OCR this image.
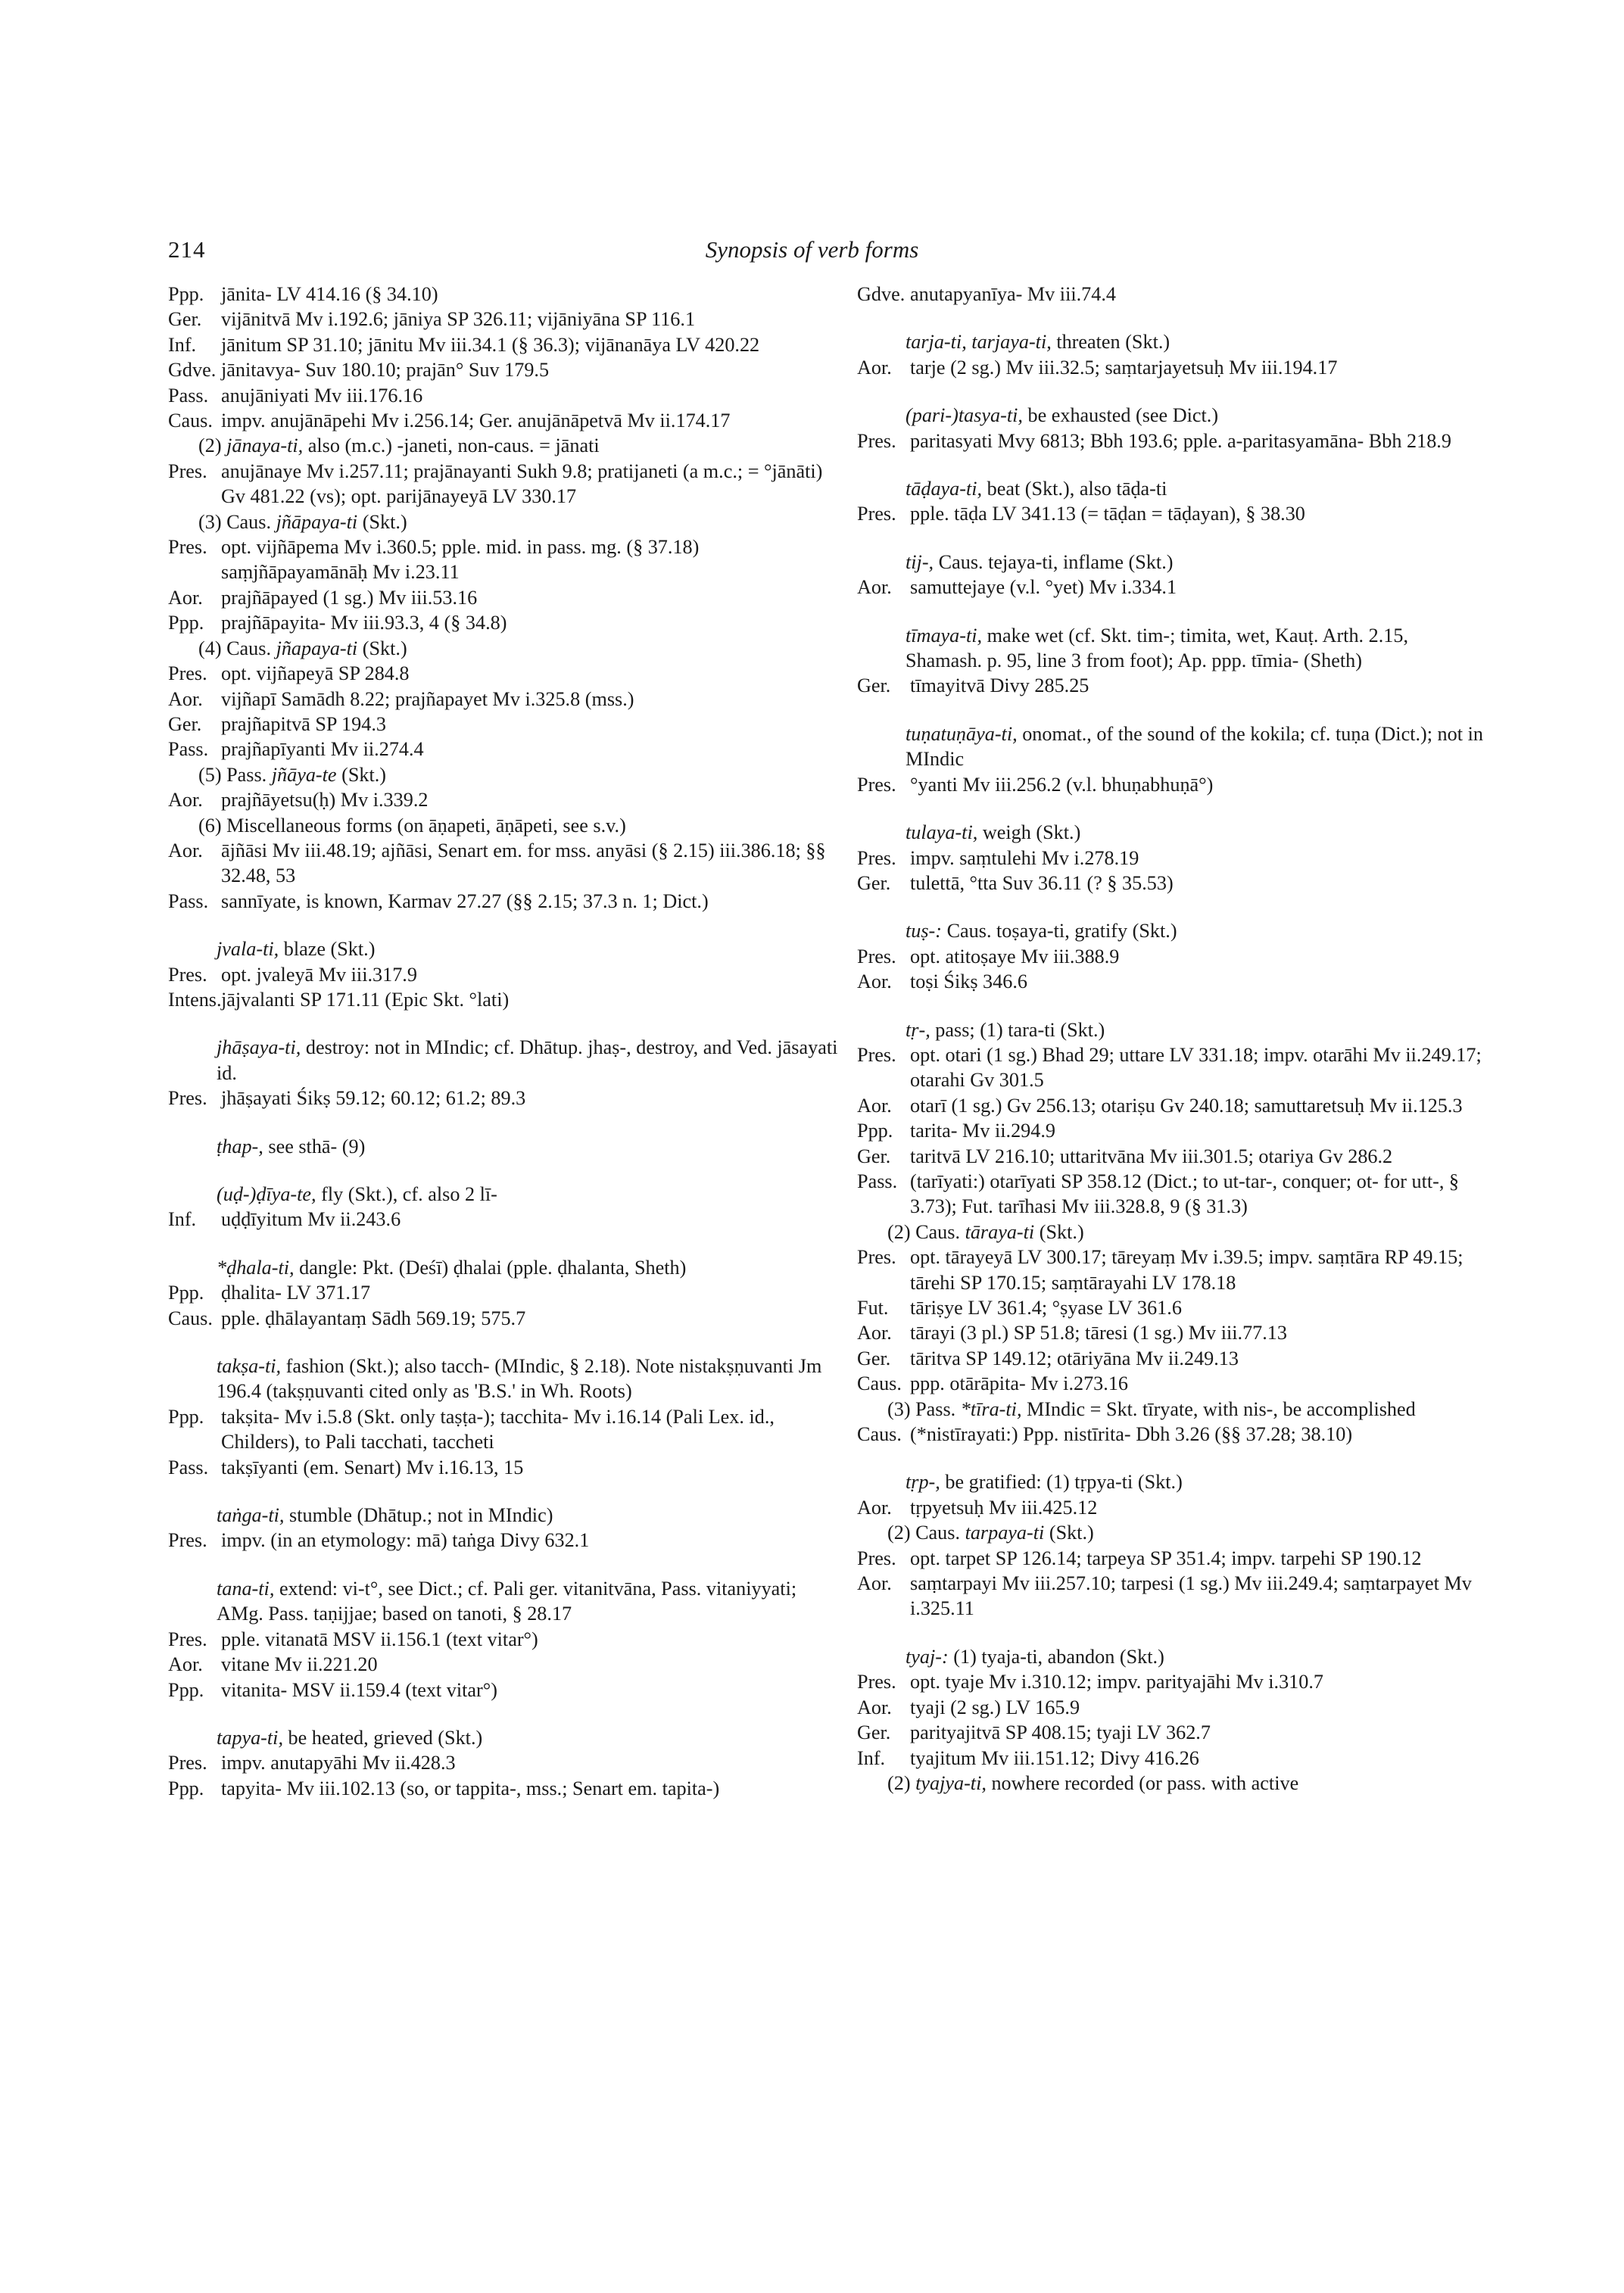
214	Synopsis of verb forms
Ppp. jānita- LV 414.16 (§ 34.10)
Ger. vijānitvā Mv i.192.6; jāniya SP 326.11; vijāniyāna SP 116.1
Inf.	jānitum SP 31.10; jānitu Mv iii.34.1 (§ 36.3); vijānanāya LV 420.22
Gdve. jānitavya- Suv 180.10; prajān° Suv 179.5
Pass. anujāniyati Mv iii.176.16
Caus. impv. anujānāpehi Mv i.256.14; Ger. anujānāpetvā Mv ii.174.17
(2) jānaya-ti, also (m.c.) -janeti, non-caus. = jānati
Pres. anujānaye Mv i.257.11; prajānayanti Sukh 9.8; pratijaneti (a m.c.; = °jānāti) Gv 481.22 (vs); opt. parijānayeyā LV 330.17
(3) Caus. jñāpaya-ti (Skt.)
Pres. opt. vijñāpema Mv i.360.5; pple. mid. in pass. mg. (§ 37.18) saṃjñāpayamānāḥ Mv i.23.11
Aor. prajñāpayed (1 sg.) Mv iii.53.16
Ppp. prajñāpayita- Mv iii.93.3, 4 (§ 34.8)
(4) Caus. jñapaya-ti (Skt.)
Pres. opt. vijñapeyā SP 284.8
Aor. vijñapī Samādh 8.22; prajñapayet Mv i.325.8 (mss.)
Ger. prajñapitvā SP 194.3
Pass. prajñapīyanti Mv ii.274.4
(5) Pass. jñāya-te (Skt.)
Aor. prajñāyetsu(ḥ) Mv i.339.2
(6) Miscellaneous forms (on āṇapeti, āṇāpeti, see s.v.)
Aor. ājñāsi Mv iii.48.19; ajñāsi, Senart em. for mss. anyāsi (§ 2.15) iii.386.18; §§ 32.48, 53
Pass. sannīyate, is known, Karmav 27.27 (§§ 2.15; 37.3 n. 1; Dict.)
jvala-ti, blaze (Skt.)
Pres. opt. jvaleyā Mv iii.317.9
Intens. jājvalanti SP 171.11 (Epic Skt. °lati)
jhāṣaya-ti, destroy: not in MIndic; cf. Dhātup. jhaṣ-, destroy, and Ved. jāsayati id.
Pres. jhāṣayati Śikṣ 59.12; 60.12; 61.2; 89.3
ṭhap-, see sthā- (9)
(uḍ-)ḍīya-te, fly (Skt.), cf. also 2 lī-
Inf.	uḍḍīyitum Mv ii.243.6
*ḍhala-ti, dangle: Pkt. (Deśī) ḍhalai (pple. ḍhalanta, Sheth)
Ppp. ḍhalita- LV 371.17
Caus. pple. ḍhālayantaṃ Sādh 569.19; 575.7
takṣa-ti, fashion (Skt.); also tacch- (MIndic, § 2.18). Note nistakṣṇuvanti Jm 196.4 (takṣṇuvanti cited only as 'B.S.' in Wh. Roots)
Ppp. takṣita- Mv i.5.8 (Skt. only taṣṭa-); tacchita- Mv i.16.14 (Pali Lex. id., Childers), to Pali tacchati, taccheti
Pass. takṣīyanti (em. Senart) Mv i.16.13, 15
taṅga-ti, stumble (Dhātup.; not in MIndic)
Pres. impv. (in an etymology: mā) taṅga Divy 632.1
tana-ti, extend: vi-t°, see Dict.; cf. Pali ger. vitanitvāna, Pass. vitaniyyati; AMg. Pass. taṇijjae; based on tanoti, § 28.17
Pres. pple. vitanatā MSV ii.156.1 (text vitar°)
Aor. vitane Mv ii.221.20
Ppp. vitanita- MSV ii.159.4 (text vitar°)
tapya-ti, be heated, grieved (Skt.)
Pres. impv. anutapyāhi Mv ii.428.3
Ppp. tapyita- Mv iii.102.13 (so, or tappita-, mss.; Senart em. tapita-)
Gdve. anutapyanīya- Mv iii.74.4
tarja-ti, tarjaya-ti, threaten (Skt.)
Aor. tarje (2 sg.) Mv iii.32.5; saṃtarjayetsuḥ Mv iii.194.17
(pari-)tasya-ti, be exhausted (see Dict.)
Pres. paritasyati Mvy 6813; Bbh 193.6; pple. a-paritasyamāna- Bbh 218.9
tāḍaya-ti, beat (Skt.), also tāḍa-ti
Pres. pple. tāḍa LV 341.13 (= tāḍan = tāḍayan), § 38.30
tij-, Caus. tejaya-ti, inflame (Skt.)
Aor. samuttejaye (v.l. °yet) Mv i.334.1
tīmaya-ti, make wet (cf. Skt. tim-; timita, wet, Kauṭ. Arth. 2.15, Shamash. p. 95, line 3 from foot); Ap. ppp. tīmia- (Sheth)
Ger. tīmayitvā Divy 285.25
tuṇatuṇāya-ti, onomat., of the sound of the kokila; cf. tuṇa (Dict.); not in MIndic
Pres. °yanti Mv iii.256.2 (v.l. bhuṇabhuṇā°)
tulaya-ti, weigh (Skt.)
Pres. impv. saṃtulehi Mv i.278.19
Ger. tulettā, °tta Suv 36.11 (? § 35.53)
tuṣ-: Caus. toṣaya-ti, gratify (Skt.)
Pres. opt. atitoṣaye Mv iii.388.9
Aor. toṣi Śikṣ 346.6
tṛ-, pass; (1) tara-ti (Skt.)
Pres. opt. otari (1 sg.) Bhad 29; uttare LV 331.18; impv. otarāhi Mv ii.249.17; otarahi Gv 301.5
Aor. otarī (1 sg.) Gv 256.13; otariṣu Gv 240.18; samuttaretsuḥ Mv ii.125.3
Ppp. tarita- Mv ii.294.9
Ger. taritvā LV 216.10; uttaritvāna Mv iii.301.5; otariya Gv 286.2
Pass. (tarīyati:) otarīyati SP 358.12 (Dict.; to ut-tar-, conquer; ot- for utt-, § 3.73); Fut. tarīhasi Mv iii.328.8, 9 (§ 31.3)
(2) Caus. tāraya-ti (Skt.)
Pres. opt. tārayeyā LV 300.17; tāreyaṃ Mv i.39.5; impv. saṃtāra RP 49.15; tārehi SP 170.15; saṃtārayahi LV 178.18
Fut.	tāriṣye LV 361.4; °ṣyase LV 361.6
Aor. tārayi (3 pl.) SP 51.8; tāresi (1 sg.) Mv iii.77.13
Ger. tāritva SP 149.12; otāriyāna Mv ii.249.13
Caus. ppp. otārāpita- Mv i.273.16
(3) Pass. *tīra-ti, MIndic = Skt. tīryate, with nis-, be accomplished
Caus. (*nistīrayati:) Ppp. nistīrita- Dbh 3.26 (§§ 37.28; 38.10)
tṛp-, be gratified: (1) tṛpya-ti (Skt.)
Aor. tṛpyetsuḥ Mv iii.425.12
(2) Caus. tarpaya-ti (Skt.)
Pres. opt. tarpet SP 126.14; tarpeya SP 351.4; impv. tarpehi SP 190.12
Aor. saṃtarpayi Mv iii.257.10; tarpesi (1 sg.) Mv iii.249.4; saṃtarpayet Mv i.325.11
tyaj-: (1) tyaja-ti, abandon (Skt.)
Pres. opt. tyaje Mv i.310.12; impv. parityajāhi Mv i.310.7
Aor. tyaji (2 sg.) LV 165.9
Ger. parityajitvā SP 408.15; tyaji LV 362.7
Inf.	tyajitum Mv iii.151.12; Divy 416.26
(2) tyajya-ti, nowhere recorded (or pass. with active
